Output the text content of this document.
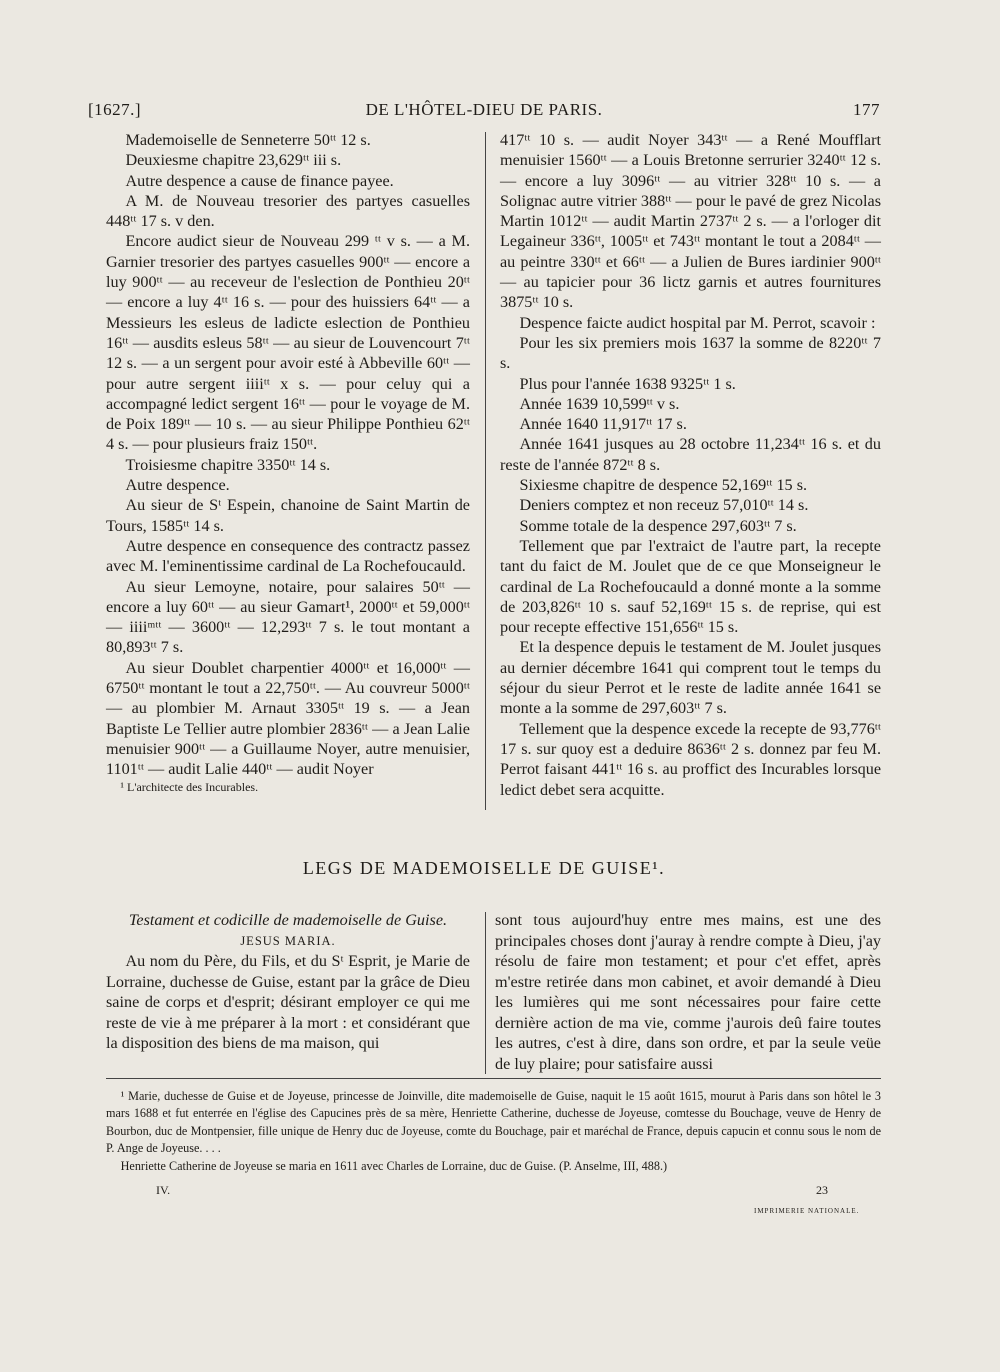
[1627.]	DE L'HÔTEL-DIEU DE PARIS.	177

Mademoiselle de Senneterre 50ᵗᵗ 12 s.

Deuxiesme chapitre 23,629ᵗᵗ iii s.

Autre despence a cause de finance payee.

A M. de Nouveau tresorier des partyes casuelles 448ᵗᵗ 17 s. v den.

Encore audict sieur de Nouveau 299 ᵗᵗ v s. — a M. Garnier tresorier des partyes casuelles 900ᵗᵗ — encore a luy 900ᵗᵗ — au receveur de l'eslection de Ponthieu 20ᵗᵗ — encore a luy 4ᵗᵗ 16 s. — pour des huissiers 64ᵗᵗ — a Messieurs les esleus de ladicte eslection de Ponthieu 16ᵗᵗ — ausdits esleus 58ᵗᵗ — au sieur de Louvencourt 7ᵗᵗ 12 s. — a un sergent pour avoir esté à Abbeville 60ᵗᵗ — pour autre sergent iiiiᵗᵗ x s. — pour celuy qui a accompagné ledict sergent 16ᵗᵗ — pour le voyage de M. de Poix 189ᵗᵗ — 10 s. — au sieur Philippe Ponthieu 62ᵗᵗ 4 s. — pour plusieurs fraiz 150ᵗᵗ.

Troisiesme chapitre 3350ᵗᵗ 14 s.

Autre despence.

Au sieur de Sᵗ Espein, chanoine de Saint Martin de Tours, 1585ᵗᵗ 14 s.

Autre despence en consequence des contractz passez avec M. l'eminentissime cardinal de La Rochefoucauld.

Au sieur Lemoyne, notaire, pour salaires 50ᵗᵗ — encore a luy 60ᵗᵗ — au sieur Gamart¹, 2000ᵗᵗ et 59,000ᵗᵗ — iiiiᵐᵗᵗ — 3600ᵗᵗ — 12,293ᵗᵗ 7 s. le tout montant a 80,893ᵗᵗ 7 s.

Au sieur Doublet charpentier 4000ᵗᵗ et 16,000ᵗᵗ — 6750ᵗᵗ montant le tout a 22,750ᵗᵗ. — Au couvreur 5000ᵗᵗ — au plombier M. Arnaut 3305ᵗᵗ 19 s. — a Jean Baptiste Le Tellier autre plombier 2836ᵗᵗ — a Jean Lalie menuisier 900ᵗᵗ — a Guillaume Noyer, autre menuisier, 1101ᵗᵗ — audit Lalie 440ᵗᵗ — audit Noyer

¹ L'architecte des Incurables.

417ᵗᵗ 10 s. — audit Noyer 343ᵗᵗ — a René Moufflart menuisier 1560ᵗᵗ — a Louis Bretonne serrurier 3240ᵗᵗ 12 s. — encore a luy 3096ᵗᵗ — au vitrier 328ᵗᵗ 10 s. — a Solignac autre vitrier 388ᵗᵗ — pour le pavé de grez Nicolas Martin 1012ᵗᵗ — audit Martin 2737ᵗᵗ 2 s. — a l'orloger dit Legaineur 336ᵗᵗ, 1005ᵗᵗ et 743ᵗᵗ montant le tout a 2084ᵗᵗ — au peintre 330ᵗᵗ et 66ᵗᵗ — a Julien de Bures iardinier 900ᵗᵗ — au tapicier pour 36 lictz garnis et autres fournitures 3875ᵗᵗ 10 s.

Despence faicte audict hospital par M. Perrot, scavoir :

Pour les six premiers mois 1637 la somme de 8220ᵗᵗ 7 s.

Plus pour l'année 1638 9325ᵗᵗ 1 s.

Année 1639 10,599ᵗᵗ v s.

Année 1640 11,917ᵗᵗ 17 s.

Année 1641 jusques au 28 octobre 11,234ᵗᵗ 16 s. et du reste de l'année 872ᵗᵗ 8 s.

Sixiesme chapitre de despence 52,169ᵗᵗ 15 s.

Deniers comptez et non receuz 57,010ᵗᵗ 14 s.

Somme totale de la despence 297,603ᵗᵗ 7 s.

Tellement que par l'extraict de l'autre part, la recepte tant du faict de M. Joulet que de ce que Monseigneur le cardinal de La Rochefoucauld a donné monte a la somme de 203,826ᵗᵗ 10 s. sauf 52,169ᵗᵗ 15 s. de reprise, qui est pour recepte effective 151,656ᵗᵗ 15 s.

Et la despence depuis le testament de M. Joulet jusques au dernier décembre 1641 qui comprent tout le temps du séjour du sieur Perrot et le reste de ladite année 1641 se monte a la somme de 297,603ᵗᵗ 7 s.

Tellement que la despence excede la recepte de 93,776ᵗᵗ 17 s. sur quoy est a deduire 8636ᵗᵗ 2 s. donnez par feu M. Perrot faisant 441ᵗᵗ 16 s. au proffict des Incurables lorsque ledict debet sera acquitte.

LEGS DE MADEMOISELLE DE GUISE¹.

Testament et codicille de mademoiselle de Guise.

JESUS MARIA.

Au nom du Père, du Fils, et du Sᵗ Esprit, je Marie de Lorraine, duchesse de Guise, estant par la grâce de Dieu saine de corps et d'esprit; désirant employer ce qui me reste de vie à me préparer à la mort : et considérant que la disposition des biens de ma maison, qui

sont tous aujourd'huy entre mes mains, est une des principales choses dont j'auray à rendre compte à Dieu, j'ay résolu de faire mon testament; et pour c'et effet, après m'estre retirée dans mon cabinet, et avoir demandé à Dieu les lumières qui me sont nécessaires pour faire cette dernière action de ma vie, comme j'aurois deû faire toutes les autres, c'est à dire, dans son ordre, et par la seule veüe de luy plaire; pour satisfaire aussi

¹ Marie, duchesse de Guise et de Joyeuse, princesse de Joinville, dite mademoiselle de Guise, naquit le 15 août 1615, mourut à Paris dans son hôtel le 3 mars 1688 et fut enterrée en l'église des Capucines près de sa mère, Henriette Catherine, duchesse de Joyeuse, comtesse du Bouchage, veuve de Henry de Bourbon, duc de Montpensier, fille unique de Henry duc de Joyeuse, comte du Bouchage, pair et maréchal de France, depuis capucin et connu sous le nom de P. Ange de Joyeuse. . . .

Henriette Catherine de Joyeuse se maria en 1611 avec Charles de Lorraine, duc de Guise. (P. Anselme, III, 488.)

IV.	23
IMPRIMERIE NATIONALE.
